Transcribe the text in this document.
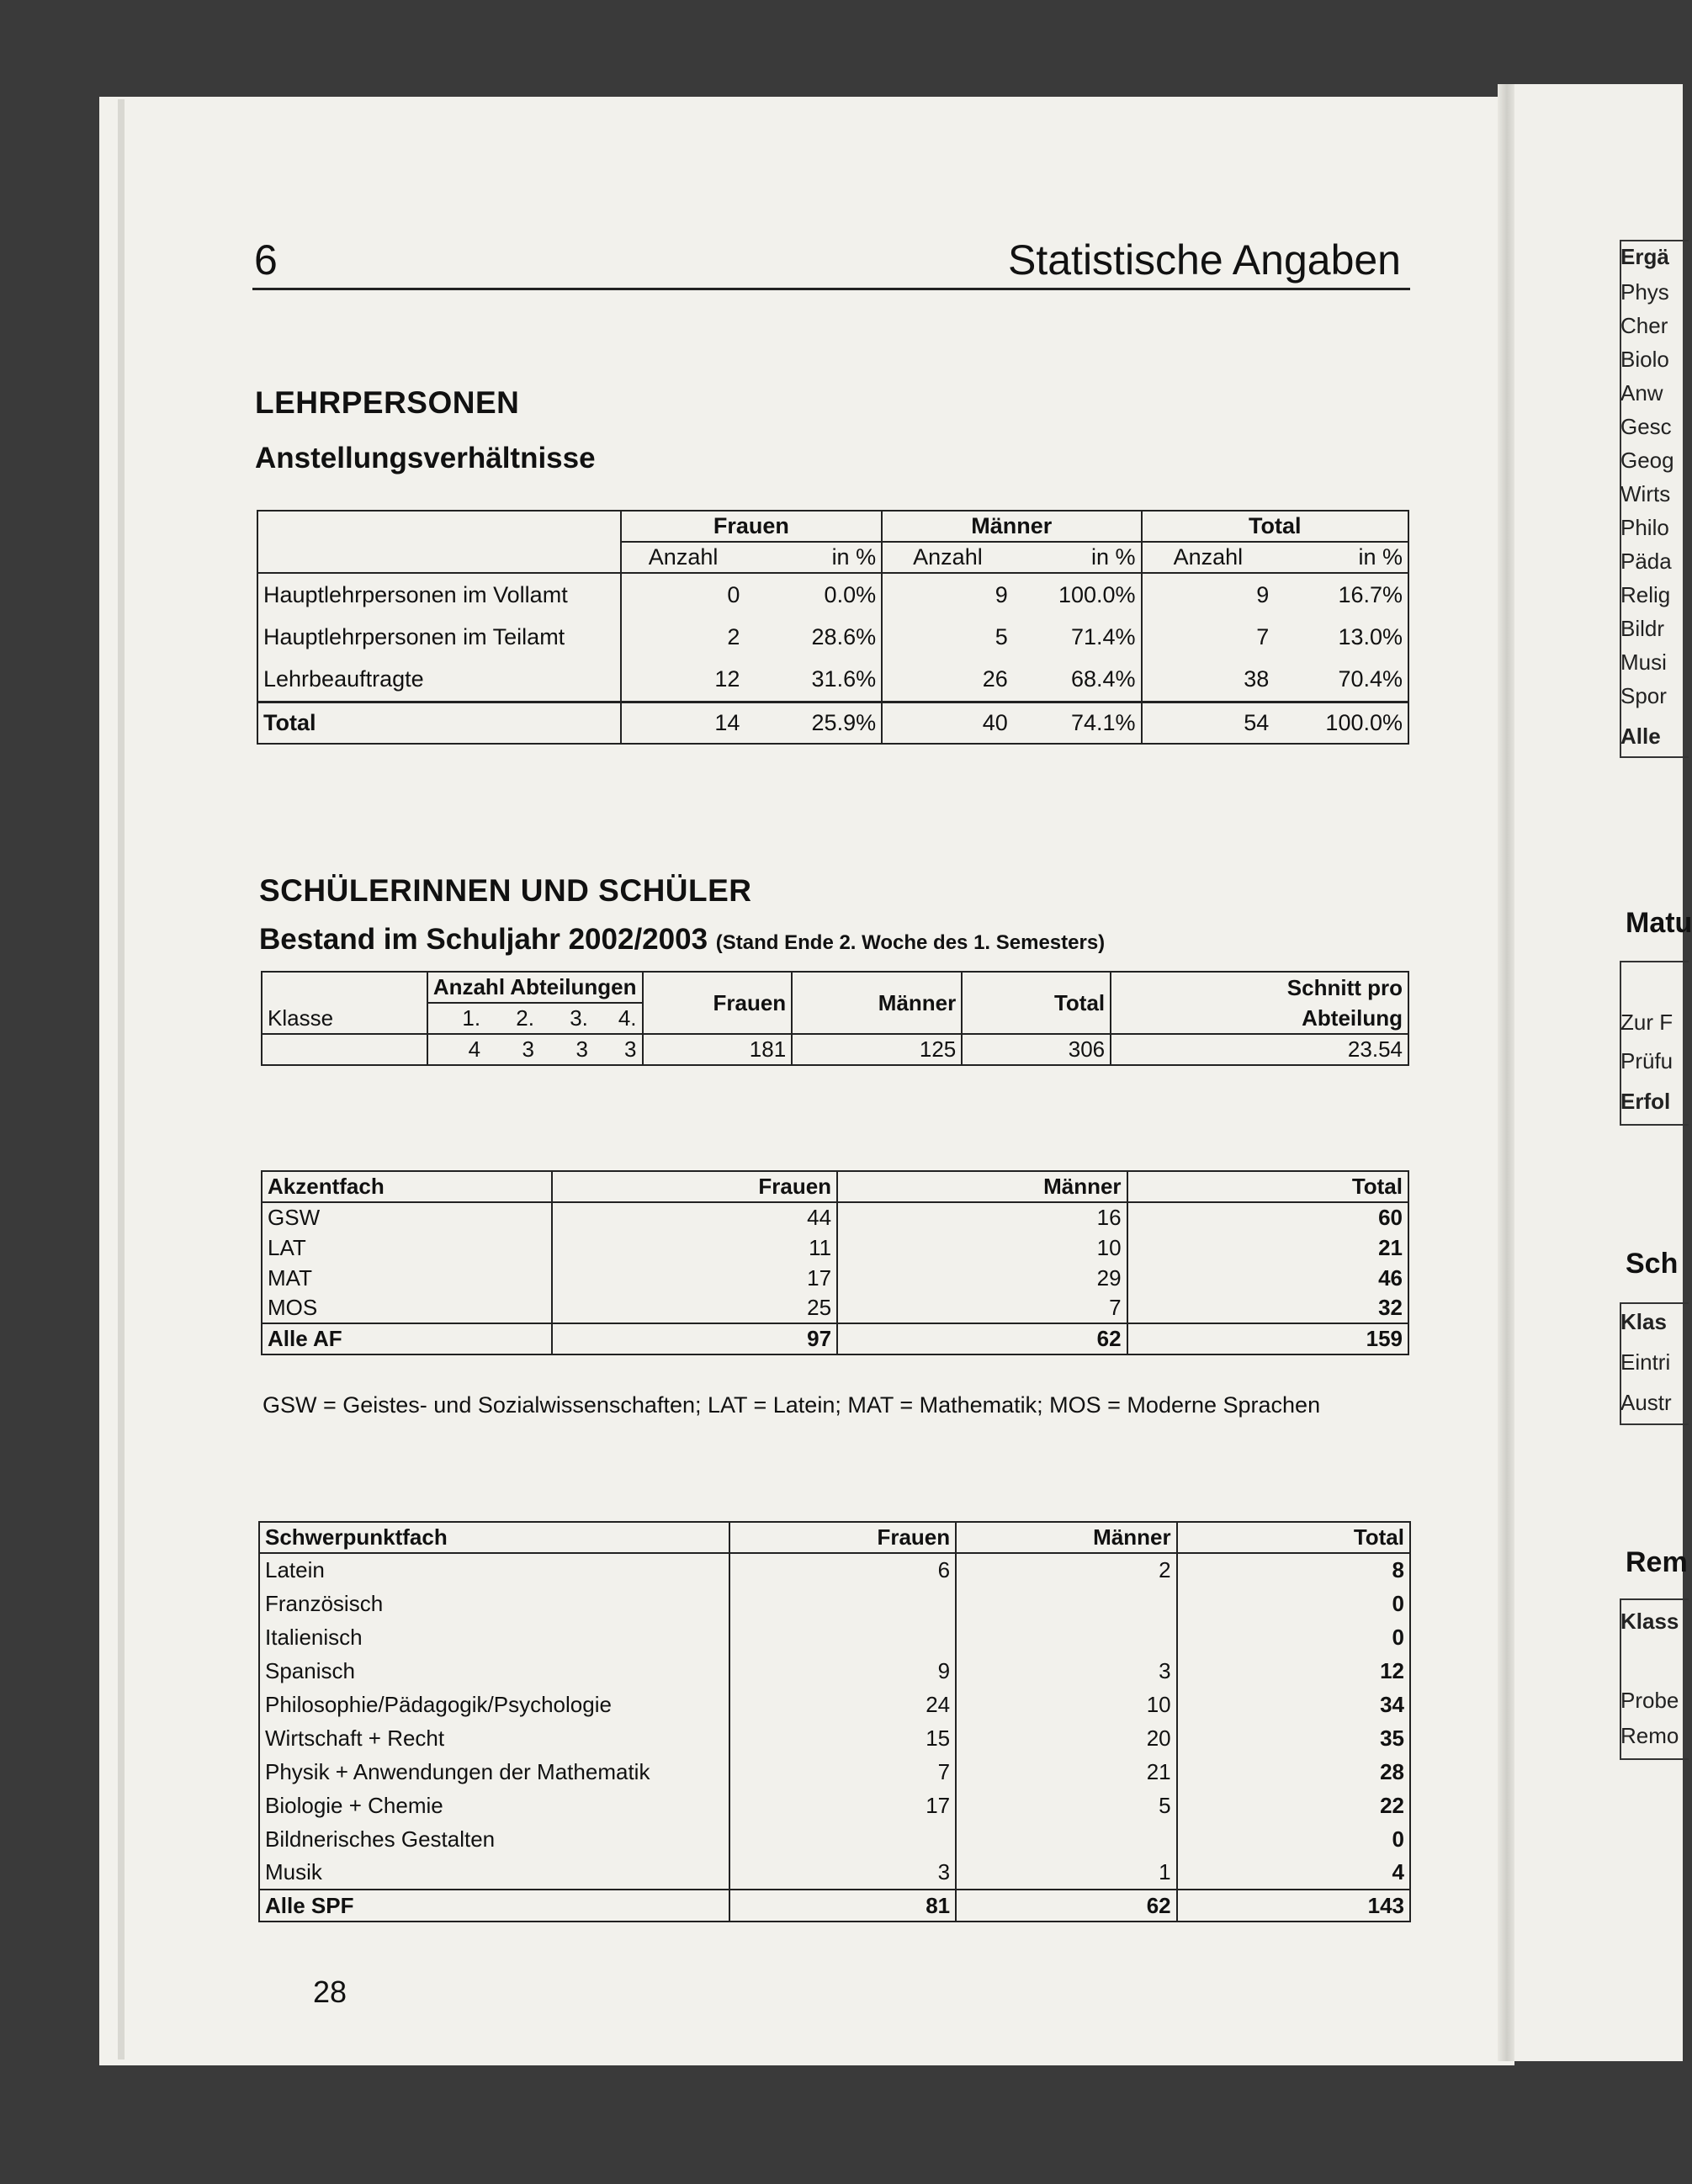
6	Statistische Angaben
LEHRPERSONEN
Anstellungsverhältnisse
	Frauen		Männer		Total	
	Anzahl	in %	Anzahl	in %	Anzahl	in %
Hauptlehrpersonen im Vollamt	0	0.0%	9	100.0%	9	16.7%
Hauptlehrpersonen im Teilamt	2	28.6%	5	71.4%	7	13.0%
Lehrbeauftragte	12	31.6%	26	68.4%	38	70.4%
Total	14	25.9%	40	74.1%	54	100.0%
SCHÜLERINNEN UND SCHÜLER
Bestand im Schuljahr 2002/2003 (Stand Ende 2. Woche des 1. Semesters)
Klasse	Anzahl Abteilungen				Frauen	Männer	Total	Schnitt pro
	1.	2.	3.	4.				Abteilung
	4	3	3	3	181	125	306	23.54
Akzentfach	Frauen	Männer	Total
GSW	44	16	60
LAT	11	10	21
MAT	17	29	46
MOS	25	7	32
Alle AF	97	62	159
GSW = Geistes- und Sozialwissenschaften; LAT = Latein; MAT = Mathematik; MOS = Moderne Sprachen
Schwerpunktfach	Frauen	Männer	Total
Latein	6	2	8
Französisch			0
Italienisch			0
Spanisch	9	3	12
Philosophie/Pädagogik/Psychologie	24	10	34
Wirtschaft + Recht	15	20	35
Physik + Anwendungen der Mathematik	7	21	28
Biologie + Chemie	17	5	22
Bildnerisches Gestalten			0
Musik	3	1	4
Alle SPF	81	62	143
28
Ergä
Phys
Cher
Biolo
Anw
Gesc
Geog
Wirts
Philo
Päda
Relig
Bildr
Musi
Spor
Alle
Matu
Zur F
Prüfu
Erfol
Sch
Klas
Eintri
Austr
Rem
Klass
Probe
Remo
